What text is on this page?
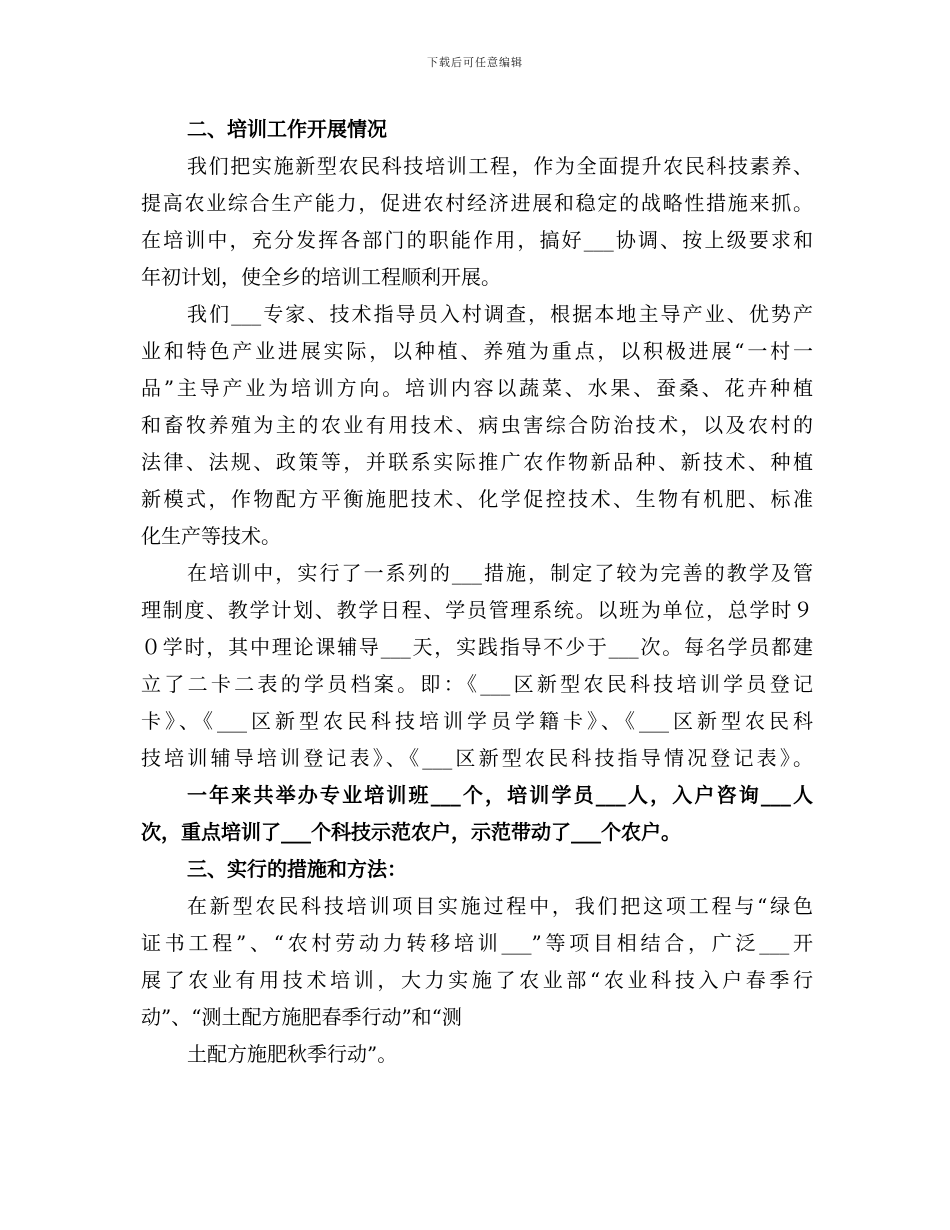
下载后可任意编辑
二、培训工作开展情况
我们把实施新型农民科技培训工程，作为全面提升农民科技素养、
提高农业综合生产能力，促进农村经济进展和稳定的战略性措施来抓。
在培训中，充分发挥各部门的职能作用，搞好___协调、按上级要求和
年初计划，使全乡的培训工程顺利开展。
我们___专家、技术指导员入村调查，根据本地主导产业、优势产
业和特色产业进展实际，以种植、养殖为重点，以积极进展“一村一
品”主导产业为培训方向。培训内容以蔬菜、水果、蚕桑、花卉种植
和畜牧养殖为主的农业有用技术、病虫害综合防治技术，以及农村的
法律、法规、政策等，并联系实际推广农作物新品种、新技术、种植
新模式，作物配方平衡施肥技术、化学促控技术、生物有机肥、标准
化生产等技术。
在培训中，实行了一系列的___措施，制定了较为完善的教学及管
理制度、教学计划、教学日程、学员管理系统。以班为单位，总学时９
０学时，其中理论课辅导___天，实践指导不少于___次。每名学员都建
立了二卡二表的学员档案。即：《___区新型农民科技培训学员登记
卡》、《___区新型农民科技培训学员学籍卡》、《___区新型农民科
技培训辅导培训登记表》、《___区新型农民科技指导情况登记表》。
一年来共举办专业培训班___个，培训学员___人，入户咨询___人
次，重点培训了___个科技示范农户，示范带动了___个农户。
三、实行的措施和方法：
在新型农民科技培训项目实施过程中，我们把这项工程与“绿色
证书工程”、“农村劳动力转移培训___”等项目相结合，广泛___开
展了农业有用技术培训，大力实施了农业部“农业科技入户春季行
动”、“测土配方施肥春季行动”和“测
土配方施肥秋季行动”。
